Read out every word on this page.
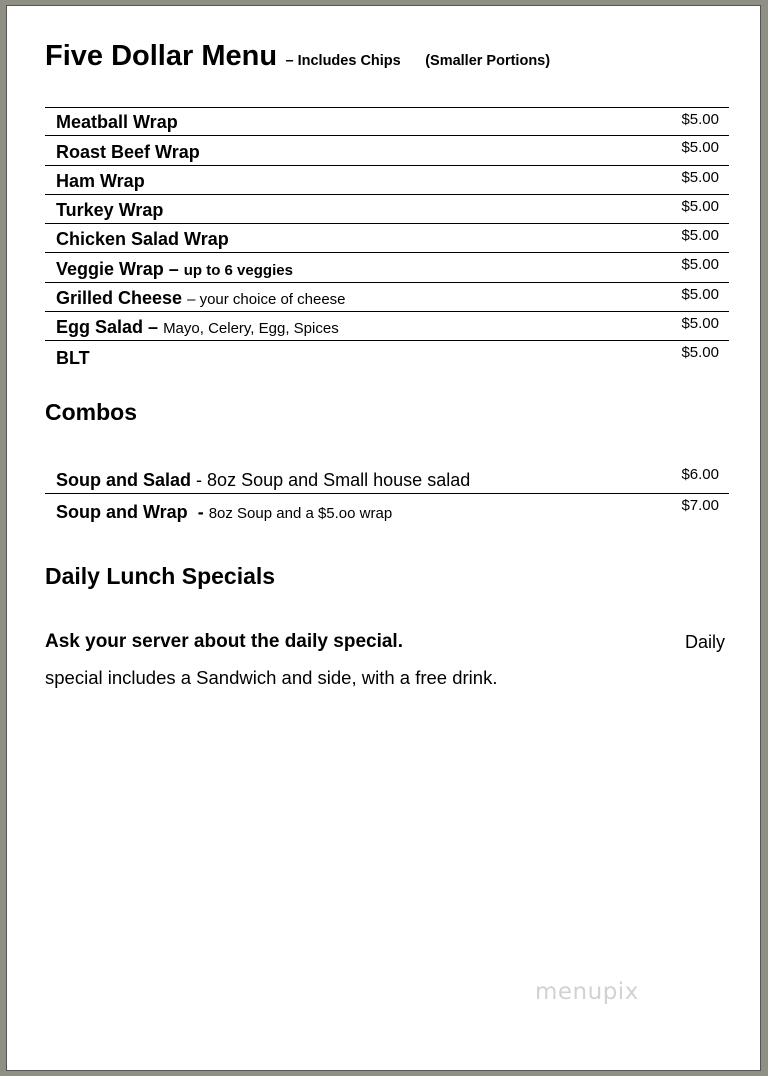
Five Dollar Menu – Includes Chips (Smaller Portions)
Meatball Wrap	$5.00
Roast Beef Wrap	$5.00
Ham Wrap	$5.00
Turkey Wrap	$5.00
Chicken Salad Wrap	$5.00
Veggie Wrap – up to 6 veggies	$5.00
Grilled Cheese – your choice of cheese	$5.00
Egg Salad – Mayo, Celery, Egg, Spices	$5.00
BLT	$5.00
Combos
Soup and Salad - 8oz Soup and Small house salad	$6.00
Soup and Wrap - 8oz Soup and a $5.oo wrap	$7.00
Daily Lunch Specials
Ask your server about the daily special.	Daily
special includes a Sandwich and side, with a free drink.
menupix
